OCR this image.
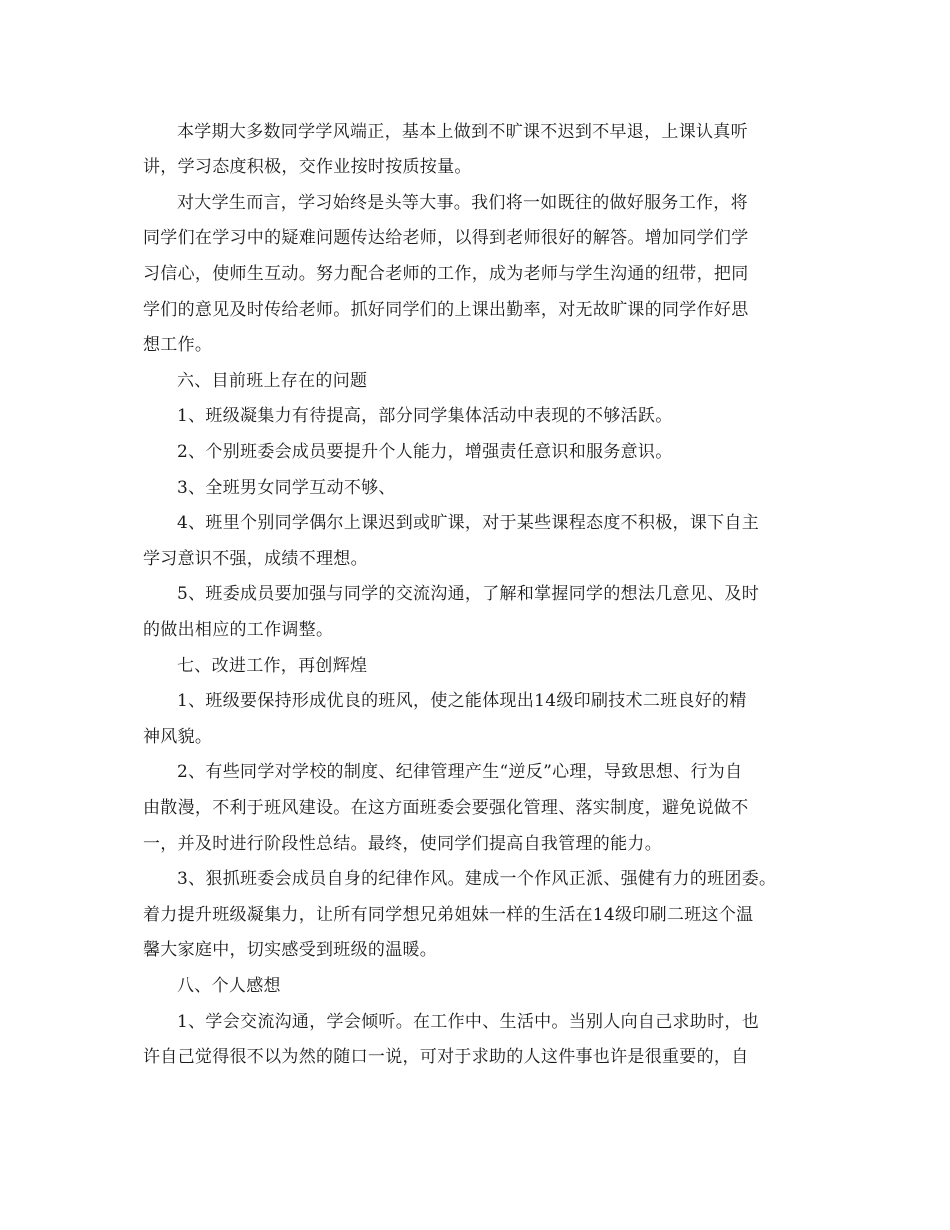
本学期大多数同学学风端正，基本上做到不旷课不迟到不早退，上课认真听
讲，学习态度积极，交作业按时按质按量。
对大学生而言，学习始终是头等大事。我们将一如既往的做好服务工作，将
同学们在学习中的疑难问题传达给老师，以得到老师很好的解答。增加同学们学
习信心，使师生互动。努力配合老师的工作，成为老师与学生沟通的纽带，把同
学们的意见及时传给老师。抓好同学们的上课出勤率，对无故旷课的同学作好思
想工作。
六、目前班上存在的问题
1、班级凝集力有待提高，部分同学集体活动中表现的不够活跃。
2、个别班委会成员要提升个人能力，增强责任意识和服务意识。
3、全班男女同学互动不够、
4、班里个别同学偶尔上课迟到或旷课，对于某些课程态度不积极，课下自主
学习意识不强，成绩不理想。
5、班委成员要加强与同学的交流沟通，了解和掌握同学的想法几意见、及时
的做出相应的工作调整。
七、改进工作，再创辉煌
1、班级要保持形成优良的班风，使之能体现出14级印刷技术二班良好的精
神风貌。
2、有些同学对学校的制度、纪律管理产生“逆反”心理，导致思想、行为自
由散漫，不利于班风建设。在这方面班委会要强化管理、落实制度，避免说做不
一，并及时进行阶段性总结。最终，使同学们提高自我管理的能力。
3、狠抓班委会成员自身的纪律作风。建成一个作风正派、强健有力的班团委。
着力提升班级凝集力，让所有同学想兄弟姐妹一样的生活在14级印刷二班这个温
馨大家庭中，切实感受到班级的温暖。
八、个人感想
1、学会交流沟通，学会倾听。在工作中、生活中。当别人向自己求助时，也
许自己觉得很不以为然的随口一说，可对于求助的人这件事也许是很重要的，自
